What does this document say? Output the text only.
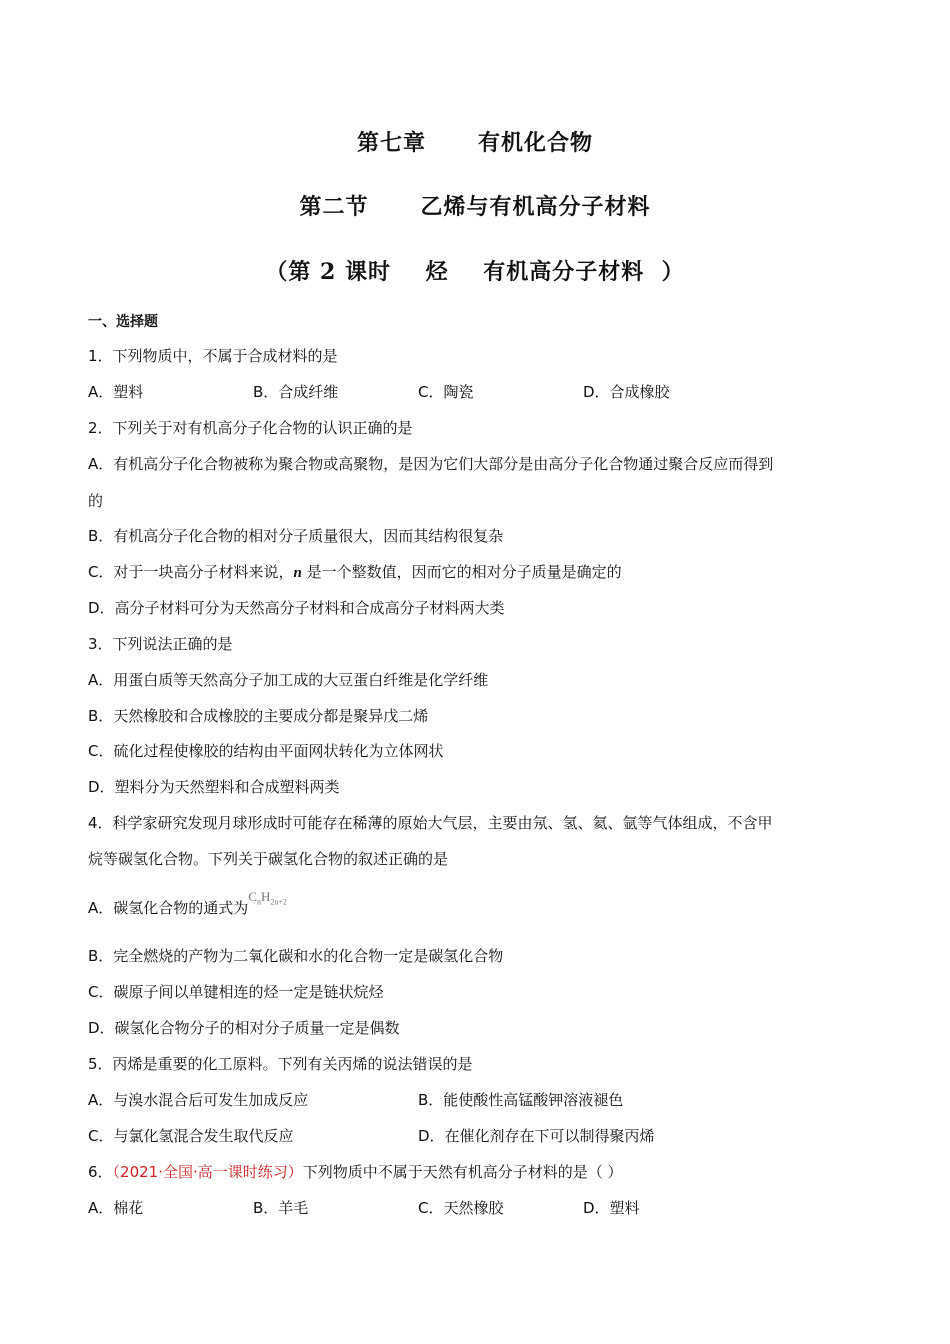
第七章      有机化合物
第二节      乙烯与有机高分子材料
（第 2 课时    烃    有机高分子材料  ）
一、选择题
1．下列物质中，不属于合成材料的是
A．塑料	B．合成纤维	C．陶瓷	D．合成橡胶
2．下列关于对有机高分子化合物的认识正确的是
A．有机高分子化合物被称为聚合物或高聚物，是因为它们大部分是由高分子化合物通过聚合反应而得到
的
B．有机高分子化合物的相对分子质量很大，因而其结构很复杂
C．对于一块高分子材料来说，n 是一个整数值，因而它的相对分子质量是确定的
D．高分子材料可分为天然高分子材料和合成高分子材料两大类
3．下列说法正确的是
A．用蛋白质等天然高分子加工成的大豆蛋白纤维是化学纤维
B．天然橡胶和合成橡胶的主要成分都是聚异戊二烯
C．硫化过程使橡胶的结构由平面网状转化为立体网状
D．塑料分为天然塑料和合成塑料两类
4．科学家研究发现月球形成时可能存在稀薄的原始大气层，主要由氖、氢、氦、氩等气体组成，不含甲
烷等碳氢化合物。下列关于碳氢化合物的叙述正确的是
A．碳氢化合物的通式为$C_nH_{2n+2}$
B．完全燃烧的产物为二氧化碳和水的化合物一定是碳氢化合物
C．碳原子间以单键相连的烃一定是链状烷烃
D．碳氢化合物分子的相对分子质量一定是偶数
5．丙烯是重要的化工原料。下列有关丙烯的说法错误的是
A．与溴水混合后可发生加成反应	B．能使酸性高锰酸钾溶液褪色
C．与氯化氢混合发生取代反应	D．在催化剂存在下可以制得聚丙烯
6．（2021·全国·高一课时练习）下列物质中不属于天然有机高分子材料的是（ ）
A．棉花	B．羊毛	C．天然橡胶	D．塑料
